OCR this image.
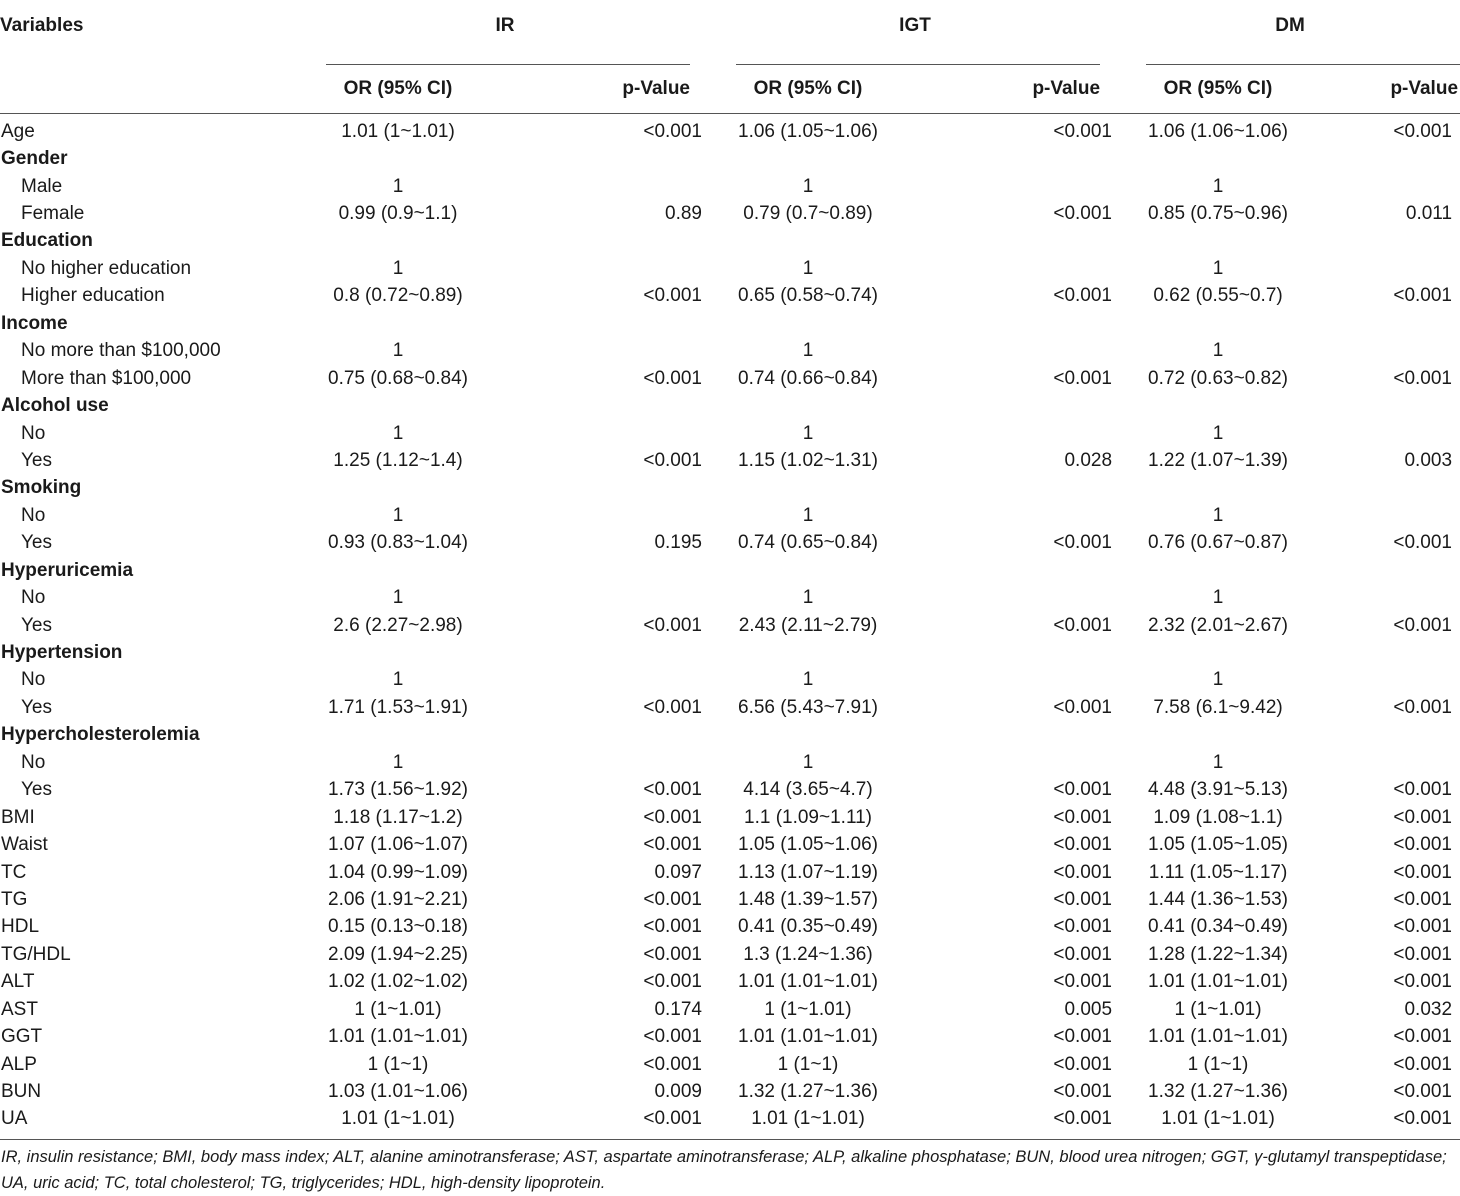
Variables	IR		IGT		DM	

	OR (95% CI)	p-Value	OR (95% CI)	p-Value	OR (95% CI)	p-Value
Age	1.01 (1~1.01)	<0.001	1.06 (1.05~1.06)	<0.001	1.06 (1.06~1.06)	<0.001
Gender						
Male	1		1		1	
Female	0.99 (0.9~1.1)	0.89	0.79 (0.7~0.89)	<0.001	0.85 (0.75~0.96)	0.011
Education						
No higher education	1		1		1	
Higher education	0.8 (0.72~0.89)	<0.001	0.65 (0.58~0.74)	<0.001	0.62 (0.55~0.7)	<0.001
Income						
No more than $100,000	1		1		1	
More than $100,000	0.75 (0.68~0.84)	<0.001	0.74 (0.66~0.84)	<0.001	0.72 (0.63~0.82)	<0.001
Alcohol use						
No	1		1		1	
Yes	1.25 (1.12~1.4)	<0.001	1.15 (1.02~1.31)	0.028	1.22 (1.07~1.39)	0.003
Smoking						
No	1		1		1	
Yes	0.93 (0.83~1.04)	0.195	0.74 (0.65~0.84)	<0.001	0.76 (0.67~0.87)	<0.001
Hyperuricemia						
No	1		1		1	
Yes	2.6 (2.27~2.98)	<0.001	2.43 (2.11~2.79)	<0.001	2.32 (2.01~2.67)	<0.001
Hypertension						
No	1		1		1	
Yes	1.71 (1.53~1.91)	<0.001	6.56 (5.43~7.91)	<0.001	7.58 (6.1~9.42)	<0.001
Hypercholesterolemia						
No	1		1		1	
Yes	1.73 (1.56~1.92)	<0.001	4.14 (3.65~4.7)	<0.001	4.48 (3.91~5.13)	<0.001
BMI	1.18 (1.17~1.2)	<0.001	1.1 (1.09~1.11)	<0.001	1.09 (1.08~1.1)	<0.001
Waist	1.07 (1.06~1.07)	<0.001	1.05 (1.05~1.06)	<0.001	1.05 (1.05~1.05)	<0.001
TC	1.04 (0.99~1.09)	0.097	1.13 (1.07~1.19)	<0.001	1.11 (1.05~1.17)	<0.001
TG	2.06 (1.91~2.21)	<0.001	1.48 (1.39~1.57)	<0.001	1.44 (1.36~1.53)	<0.001
HDL	0.15 (0.13~0.18)	<0.001	0.41 (0.35~0.49)	<0.001	0.41 (0.34~0.49)	<0.001
TG/HDL	2.09 (1.94~2.25)	<0.001	1.3 (1.24~1.36)	<0.001	1.28 (1.22~1.34)	<0.001
ALT	1.02 (1.02~1.02)	<0.001	1.01 (1.01~1.01)	<0.001	1.01 (1.01~1.01)	<0.001
AST	1 (1~1.01)	0.174	1 (1~1.01)	0.005	1 (1~1.01)	0.032
GGT	1.01 (1.01~1.01)	<0.001	1.01 (1.01~1.01)	<0.001	1.01 (1.01~1.01)	<0.001
ALP	1 (1~1)	<0.001	1 (1~1)	<0.001	1 (1~1)	<0.001
BUN	1.03 (1.01~1.06)	0.009	1.32 (1.27~1.36)	<0.001	1.32 (1.27~1.36)	<0.001
UA	1.01 (1~1.01)	<0.001	1.01 (1~1.01)	<0.001	1.01 (1~1.01)	<0.001
IR, insulin resistance; BMI, body mass index; ALT, alanine aminotransferase; AST, aspartate aminotransferase; ALP, alkaline phosphatase; BUN, blood urea nitrogen; GGT, γ-glutamyl transpeptidase; UA, uric acid; TC, total cholesterol; TG, triglycerides; HDL, high-density lipoprotein.
